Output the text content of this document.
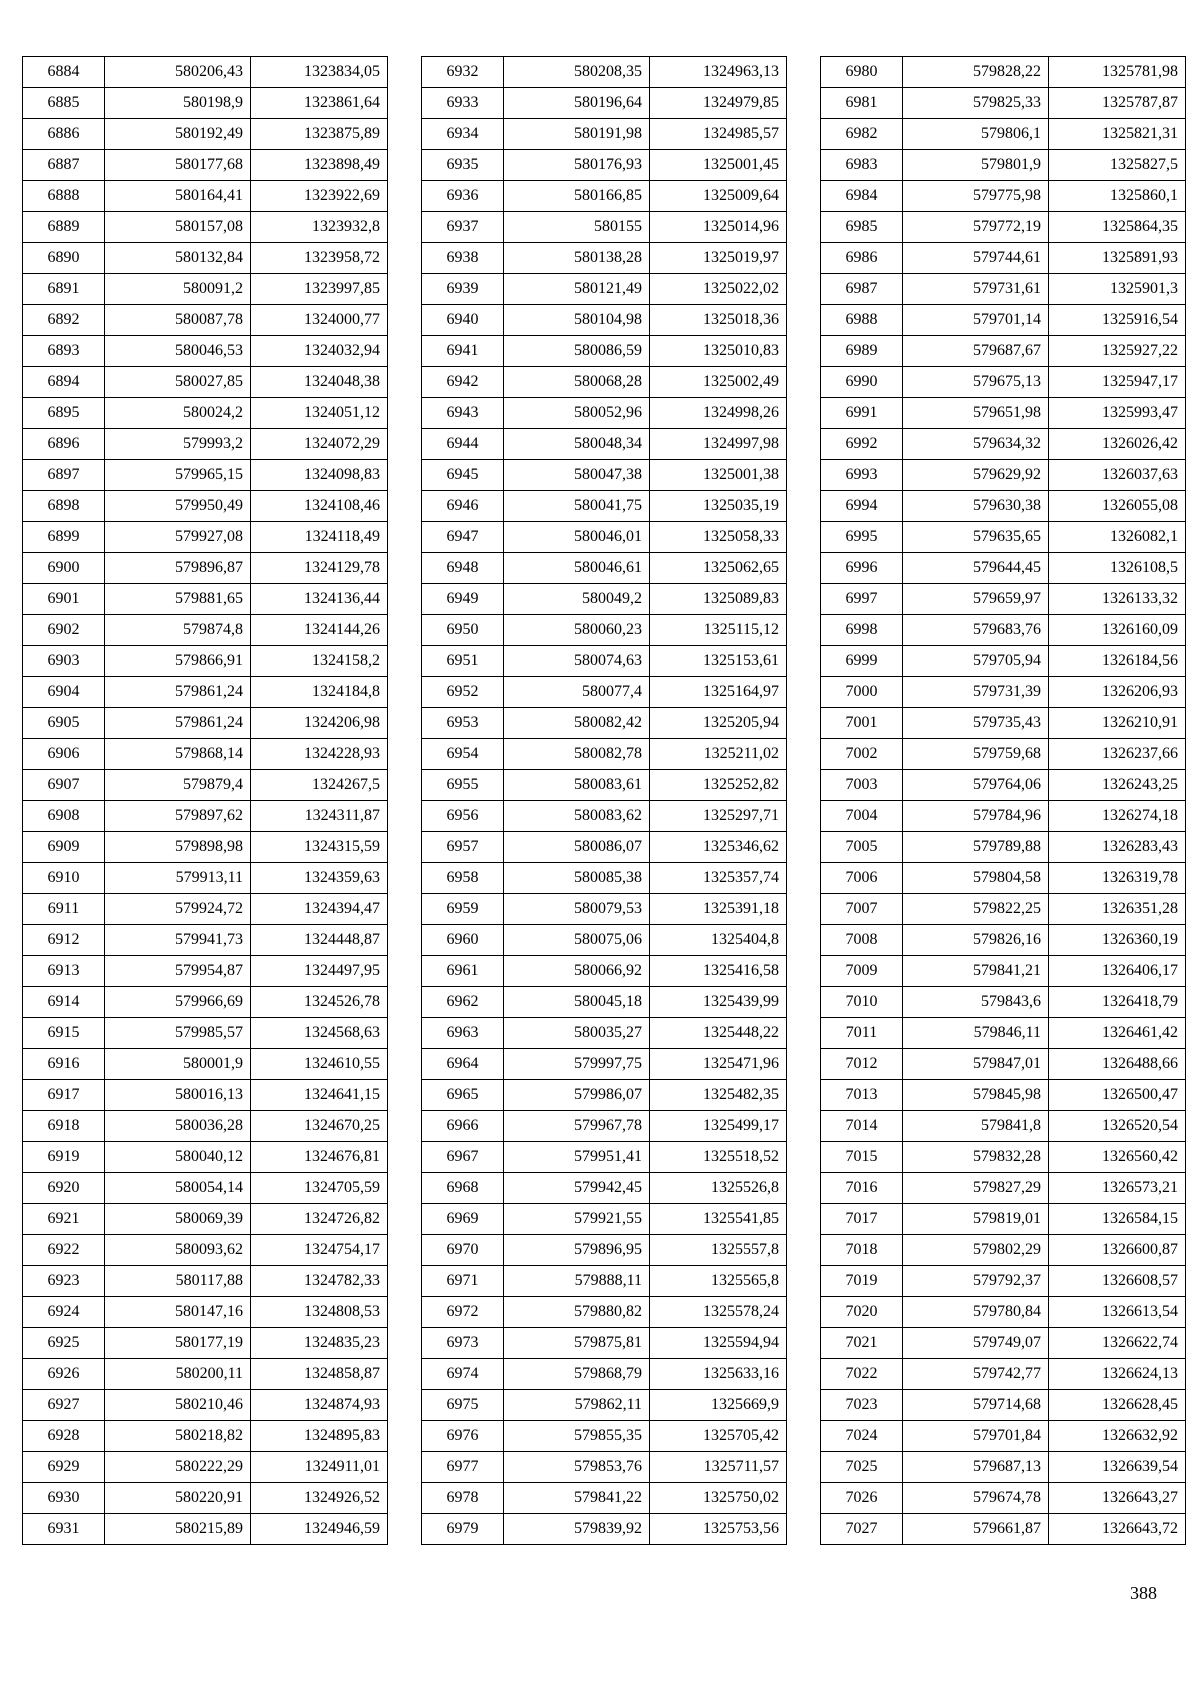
6884	580206,43	1323834,05
6885	580198,9	1323861,64
6886	580192,49	1323875,89
6887	580177,68	1323898,49
6888	580164,41	1323922,69
6889	580157,08	1323932,8
6890	580132,84	1323958,72
6891	580091,2	1323997,85
6892	580087,78	1324000,77
6893	580046,53	1324032,94
6894	580027,85	1324048,38
6895	580024,2	1324051,12
6896	579993,2	1324072,29
6897	579965,15	1324098,83
6898	579950,49	1324108,46
6899	579927,08	1324118,49
6900	579896,87	1324129,78
6901	579881,65	1324136,44
6902	579874,8	1324144,26
6903	579866,91	1324158,2
6904	579861,24	1324184,8
6905	579861,24	1324206,98
6906	579868,14	1324228,93
6907	579879,4	1324267,5
6908	579897,62	1324311,87
6909	579898,98	1324315,59
6910	579913,11	1324359,63
6911	579924,72	1324394,47
6912	579941,73	1324448,87
6913	579954,87	1324497,95
6914	579966,69	1324526,78
6915	579985,57	1324568,63
6916	580001,9	1324610,55
6917	580016,13	1324641,15
6918	580036,28	1324670,25
6919	580040,12	1324676,81
6920	580054,14	1324705,59
6921	580069,39	1324726,82
6922	580093,62	1324754,17
6923	580117,88	1324782,33
6924	580147,16	1324808,53
6925	580177,19	1324835,23
6926	580200,11	1324858,87
6927	580210,46	1324874,93
6928	580218,82	1324895,83
6929	580222,29	1324911,01
6930	580220,91	1324926,52
6931	580215,89	1324946,59
6932	580208,35	1324963,13
6933	580196,64	1324979,85
6934	580191,98	1324985,57
6935	580176,93	1325001,45
6936	580166,85	1325009,64
6937	580155	1325014,96
6938	580138,28	1325019,97
6939	580121,49	1325022,02
6940	580104,98	1325018,36
6941	580086,59	1325010,83
6942	580068,28	1325002,49
6943	580052,96	1324998,26
6944	580048,34	1324997,98
6945	580047,38	1325001,38
6946	580041,75	1325035,19
6947	580046,01	1325058,33
6948	580046,61	1325062,65
6949	580049,2	1325089,83
6950	580060,23	1325115,12
6951	580074,63	1325153,61
6952	580077,4	1325164,97
6953	580082,42	1325205,94
6954	580082,78	1325211,02
6955	580083,61	1325252,82
6956	580083,62	1325297,71
6957	580086,07	1325346,62
6958	580085,38	1325357,74
6959	580079,53	1325391,18
6960	580075,06	1325404,8
6961	580066,92	1325416,58
6962	580045,18	1325439,99
6963	580035,27	1325448,22
6964	579997,75	1325471,96
6965	579986,07	1325482,35
6966	579967,78	1325499,17
6967	579951,41	1325518,52
6968	579942,45	1325526,8
6969	579921,55	1325541,85
6970	579896,95	1325557,8
6971	579888,11	1325565,8
6972	579880,82	1325578,24
6973	579875,81	1325594,94
6974	579868,79	1325633,16
6975	579862,11	1325669,9
6976	579855,35	1325705,42
6977	579853,76	1325711,57
6978	579841,22	1325750,02
6979	579839,92	1325753,56
6980	579828,22	1325781,98
6981	579825,33	1325787,87
6982	579806,1	1325821,31
6983	579801,9	1325827,5
6984	579775,98	1325860,1
6985	579772,19	1325864,35
6986	579744,61	1325891,93
6987	579731,61	1325901,3
6988	579701,14	1325916,54
6989	579687,67	1325927,22
6990	579675,13	1325947,17
6991	579651,98	1325993,47
6992	579634,32	1326026,42
6993	579629,92	1326037,63
6994	579630,38	1326055,08
6995	579635,65	1326082,1
6996	579644,45	1326108,5
6997	579659,97	1326133,32
6998	579683,76	1326160,09
6999	579705,94	1326184,56
7000	579731,39	1326206,93
7001	579735,43	1326210,91
7002	579759,68	1326237,66
7003	579764,06	1326243,25
7004	579784,96	1326274,18
7005	579789,88	1326283,43
7006	579804,58	1326319,78
7007	579822,25	1326351,28
7008	579826,16	1326360,19
7009	579841,21	1326406,17
7010	579843,6	1326418,79
7011	579846,11	1326461,42
7012	579847,01	1326488,66
7013	579845,98	1326500,47
7014	579841,8	1326520,54
7015	579832,28	1326560,42
7016	579827,29	1326573,21
7017	579819,01	1326584,15
7018	579802,29	1326600,87
7019	579792,37	1326608,57
7020	579780,84	1326613,54
7021	579749,07	1326622,74
7022	579742,77	1326624,13
7023	579714,68	1326628,45
7024	579701,84	1326632,92
7025	579687,13	1326639,54
7026	579674,78	1326643,27
7027	579661,87	1326643,72
388
